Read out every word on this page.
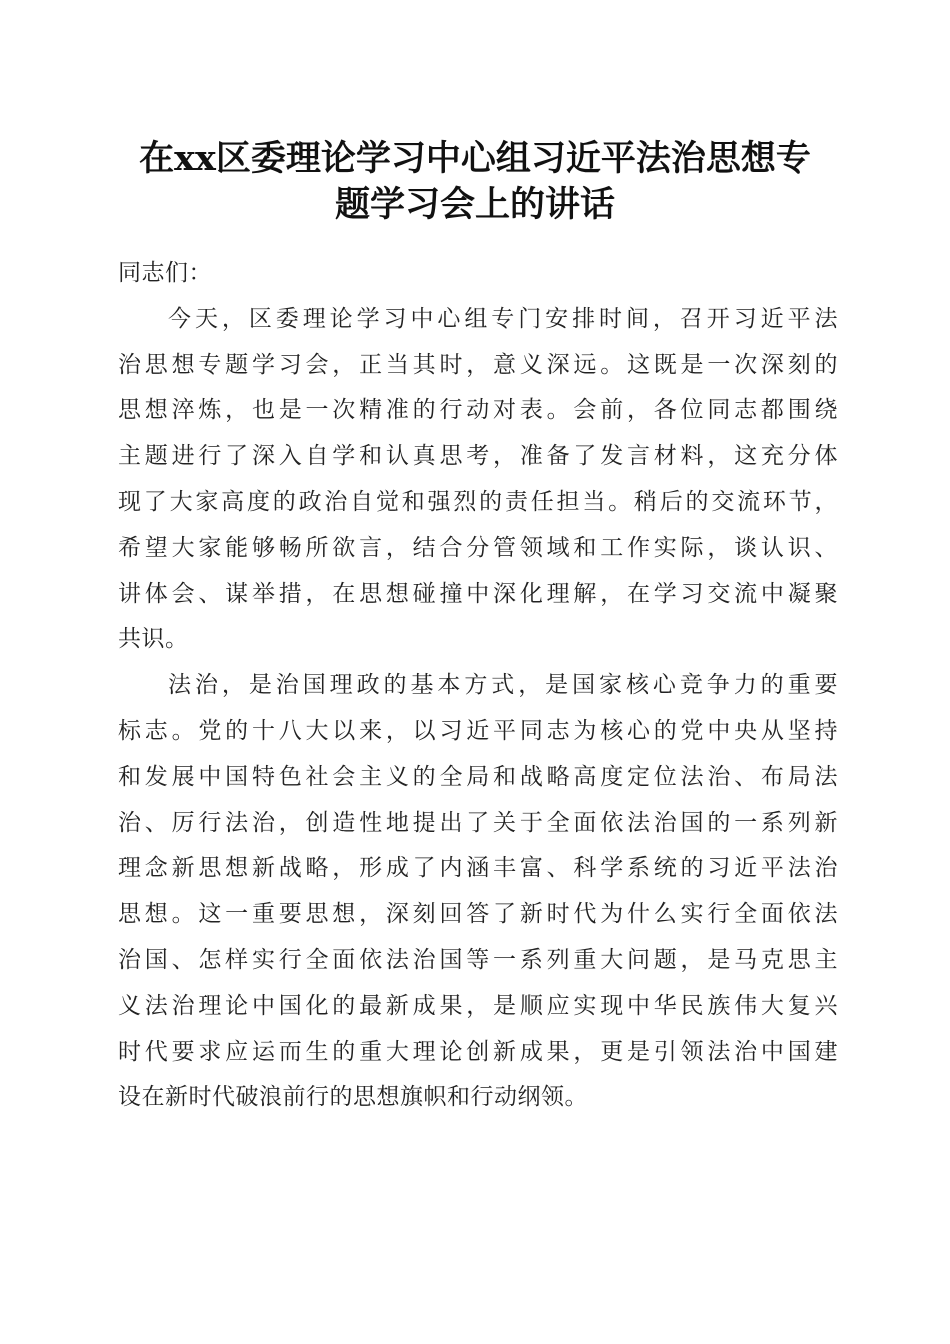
在xx区委理论学习中心组习近平法治思想专
题学习会上的讲话
同志们：
今天，区委理论学习中心组专门安排时间，召开习近平法
治思想专题学习会，正当其时，意义深远。这既是一次深刻的
思想淬炼，也是一次精准的行动对表。会前，各位同志都围绕
主题进行了深入自学和认真思考，准备了发言材料，这充分体
现了大家高度的政治自觉和强烈的责任担当。稍后的交流环节，
希望大家能够畅所欲言，结合分管领域和工作实际，谈认识、
讲体会、谋举措，在思想碰撞中深化理解，在学习交流中凝聚
共识。
法治，是治国理政的基本方式，是国家核心竞争力的重要
标志。党的十八大以来，以习近平同志为核心的党中央从坚持
和发展中国特色社会主义的全局和战略高度定位法治、布局法
治、厉行法治，创造性地提出了关于全面依法治国的一系列新
理念新思想新战略，形成了内涵丰富、科学系统的习近平法治
思想。这一重要思想，深刻回答了新时代为什么实行全面依法
治国、怎样实行全面依法治国等一系列重大问题，是马克思主
义法治理论中国化的最新成果，是顺应实现中华民族伟大复兴
时代要求应运而生的重大理论创新成果，更是引领法治中国建
设在新时代破浪前行的思想旗帜和行动纲领。
